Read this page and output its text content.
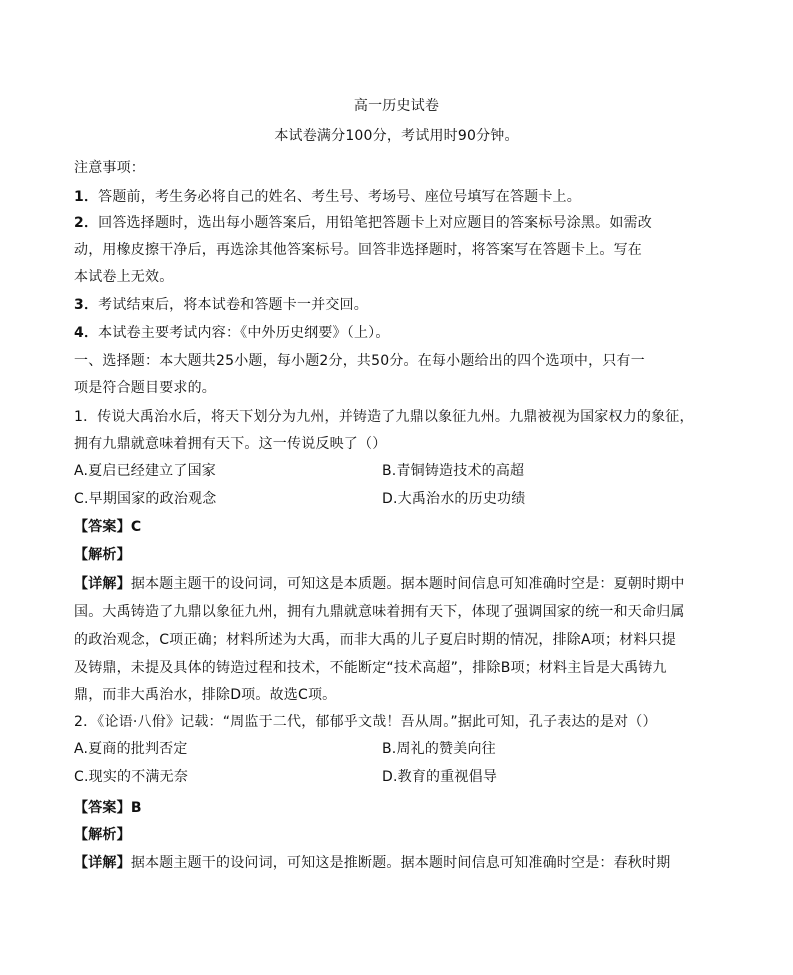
高一历史试卷
本试卷满分100分，考试用时90分钟。
注意事项：
1．答题前，考生务必将自己的姓名、考生号、考场号、座位号填写在答题卡上。
2．回答选择题时，选出每小题答案后，用铅笔把答题卡上对应题目的答案标号涂黑。如需改
动，用橡皮擦干净后，再选涂其他答案标号。回答非选择题时，将答案写在答题卡上。写在
本试卷上无效。
3．考试结束后，将本试卷和答题卡一并交回。
4．本试卷主要考试内容：《中外历史纲要》（上）。
一、选择题：本大题共25小题，每小题2分，共50分。在每小题给出的四个选项中，只有一
项是符合题目要求的。
1．传说大禹治水后，将天下划分为九州，并铸造了九鼎以象征九州。九鼎被视为国家权力的象征，
拥有九鼎就意味着拥有天下。这一传说反映了（）
A.夏启已经建立了国家	B.青铜铸造技术的高超
C.早期国家的政治观念	D.大禹治水的历史功绩
【答案】C
【解析】
【详解】据本题主题干的设问词，可知这是本质题。据本题时间信息可知准确时空是：夏朝时期中
国。大禹铸造了九鼎以象征九州，拥有九鼎就意味着拥有天下，体现了强调国家的统一和天命归属
的政治观念，C项正确；材料所述为大禹，而非大禹的儿子夏启时期的情况，排除A项；材料只提
及铸鼎，未提及具体的铸造过程和技术，不能断定“技术高超”，排除B项；材料主旨是大禹铸九
鼎，而非大禹治水，排除D项。故选C项。
2．《论语·八佾》记载：“周监于二代，郁郁乎文哉！吾从周。”据此可知，孔子表达的是对（）
A.夏商的批判否定	B.周礼的赞美向往
C.现实的不满无奈	D.教育的重视倡导
【答案】B
【解析】
【详解】据本题主题干的设问词，可知这是推断题。据本题时间信息可知准确时空是：春秋时期
